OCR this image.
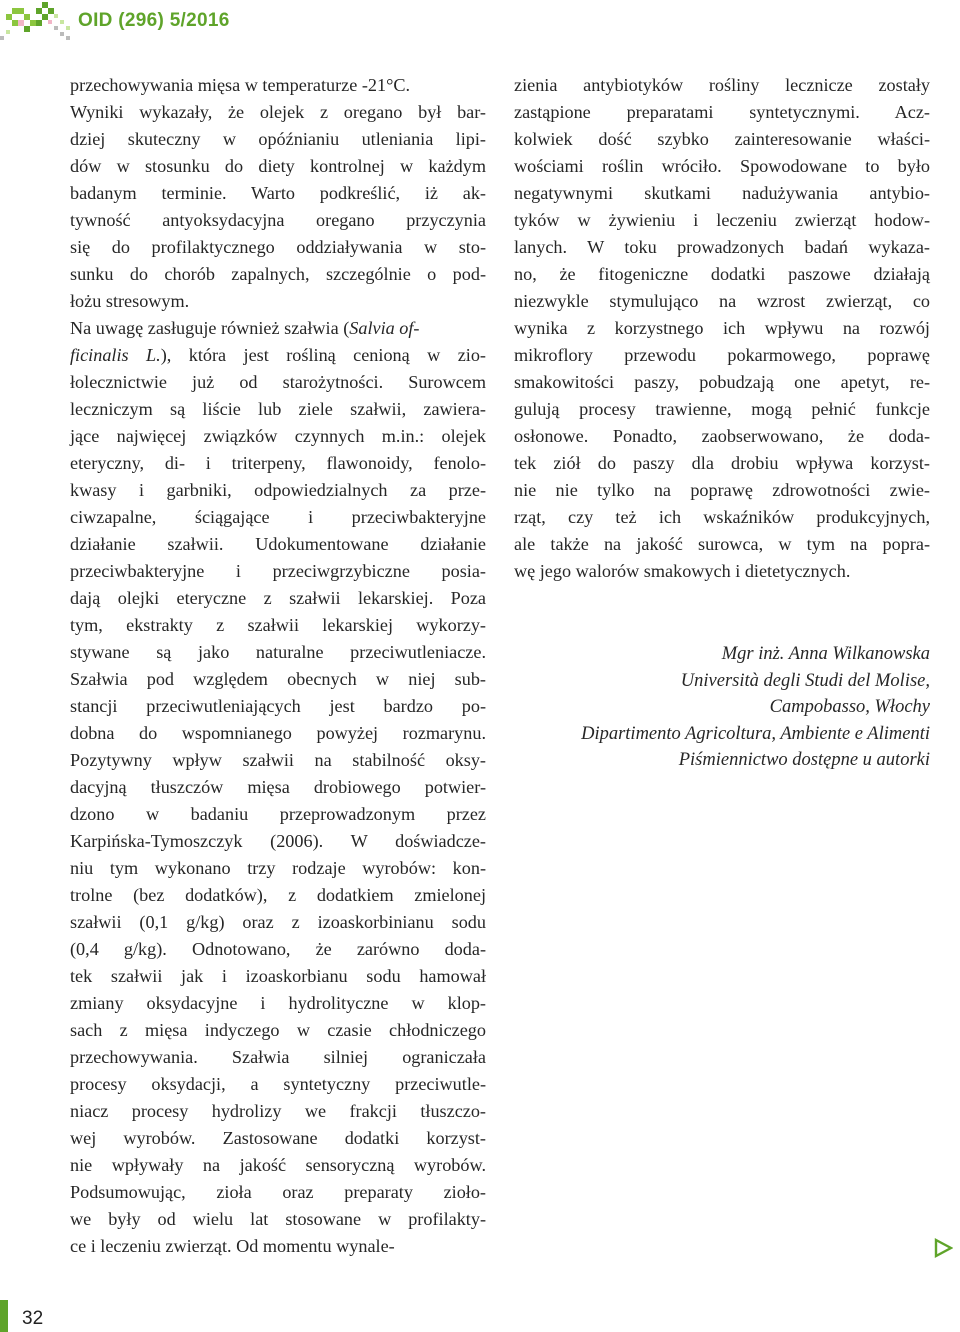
OID (296) 5/2016
przechowywania mięsa w temperaturze -21°C.
Wyniki wykazały, że olejek z oregano był bar-
dziej skuteczny w opóźnianiu utleniania lipi-
dów w stosunku do diety kontrolnej w każdym
badanym terminie. Warto podkreślić, iż ak-
tywność antyoksydacyjna oregano przyczynia
się do profilaktycznego oddziaływania w sto-
sunku do chorób zapalnych, szczególnie o pod-
łożu stresowym.
Na uwagę zasługuje również szałwia (Salvia of-
ficinalis L.), która jest rośliną cenioną w zio-
łolecznictwie już od starożytności. Surowcem
leczniczym są liście lub ziele szałwii, zawiera-
jące najwięcej związków czynnych m.in.: olejek
eteryczny, di- i triterpeny, flawonoidy, fenolo-
kwasy i garbniki, odpowiedzialnych za prze-
ciwzapalne, ściągające i przeciwbakteryjne
działanie szałwii. Udokumentowane działanie
przeciwbakteryjne i przeciwgrzybiczne posia-
dają olejki eteryczne z szałwii lekarskiej. Poza
tym, ekstrakty z szałwii lekarskiej wykorzy-
stywane są jako naturalne przeciwutleniacze.
Szałwia pod względem obecnych w niej sub-
stancji przeciwutleniających jest bardzo po-
dobna do wspomnianego powyżej rozmarynu.
Pozytywny wpływ szałwii na stabilność oksy-
dacyjną tłuszczów mięsa drobiowego potwier-
dzono w badaniu przeprowadzonym przez
Karpińska-Tymoszczyk (2006). W doświadcze-
niu tym wykonano trzy rodzaje wyrobów: kon-
trolne (bez dodatków), z dodatkiem zmielonej
szałwii (0,1 g/kg) oraz z izoaskorbinianu sodu
(0,4 g/kg). Odnotowano, że zarówno doda-
tek szałwii jak i izoaskorbianu sodu hamował
zmiany oksydacyjne i hydrolityczne w klop-
sach z mięsa indyczego w czasie chłodniczego
przechowywania. Szałwia silniej ograniczała
procesy oksydacji, a syntetyczny przeciwutle-
niacz procesy hydrolizy we frakcji tłuszczo-
wej wyrobów. Zastosowane dodatki korzyst-
nie wpływały na jakość sensoryczną wyrobów.
Podsumowując, zioła oraz preparaty zioło-
we były od wielu lat stosowane w profilakty-
ce i leczeniu zwierząt. Od momentu wynale-
zienia antybiotyków rośliny lecznicze zostały
zastąpione preparatami syntetycznymi. Acz-
kolwiek dość szybko zainteresowanie właści-
wościami roślin wróciło. Spowodowane to było
negatywnymi skutkami nadużywania antybio-
tyków w żywieniu i leczeniu zwierząt hodow-
lanych. W toku prowadzonych badań wykaza-
no, że fitogeniczne dodatki paszowe działają
niezwykle stymulująco na wzrost zwierząt, co
wynika z korzystnego ich wpływu na rozwój
mikroflory przewodu pokarmowego, poprawę
smakowitości paszy, pobudzają one apetyt, re-
gulują procesy trawienne, mogą pełnić funkcje
osłonowe. Ponadto, zaobserwowano, że doda-
tek ziół do paszy dla drobiu wpływa korzyst-
nie nie tylko na poprawę zdrowotności zwie-
rząt, czy też ich wskaźników produkcyjnych,
ale także na jakość surowca, w tym na popra-
wę jego walorów smakowych i dietetycznych.
Mgr inż. Anna Wilkanowska
Università degli Studi del Molise,
Campobasso, Włochy
Dipartimento Agricoltura, Ambiente e Alimenti
Piśmiennictwo dostępne u autorki
32
